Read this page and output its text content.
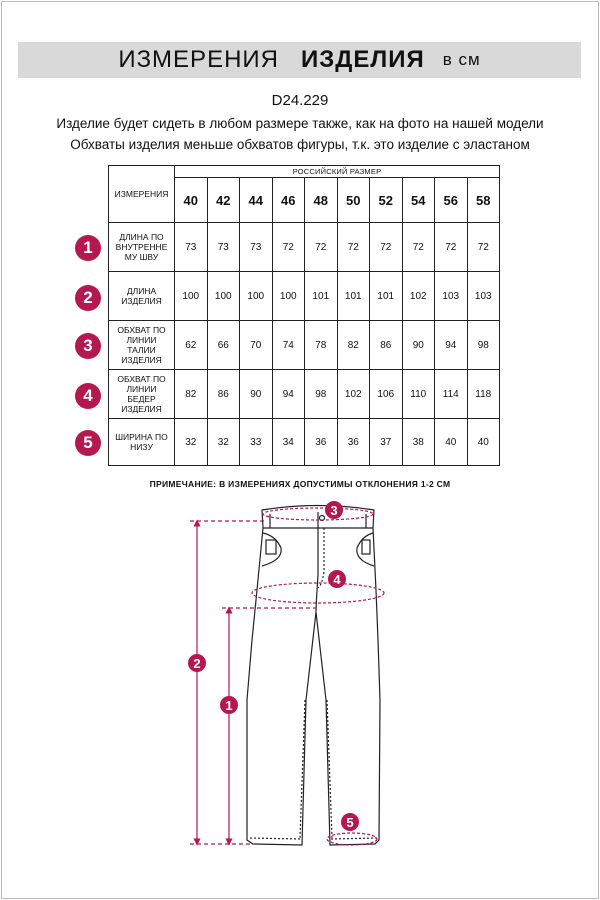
ИЗМЕРЕНИЯ ИЗДЕЛИЯ в см
D24.229
Изделие будет сидеть в любом размере также, как на фото на нашей модели
Обхваты изделия меньше обхватов фигуры, т.к. это изделие с эластаном
ИЗМЕРЕНИЯ	РОССИЙСКИЙ РАЗМЕР									
	40	42	44	46	48	50	52	54	56	58

ДЛИНА ПО
ВНУТРЕННЕ
МУ ШВУ	73	73	73	72	72	72	72	72	72	72

ДЛИНА
ИЗДЕЛИЯ	100	100	100	100	101	101	101	102	103	103

ОБХВАТ ПО
ЛИНИИ
ТАЛИИ
ИЗДЕЛИЯ	62	66	70	74	78	82	86	90	94	98

ОБХВАТ ПО
ЛИНИИ
БЕДЕР
ИЗДЕЛИЯ	82	86	90	94	98	102	106	110	114	118

ШИРИНА ПО
НИЗУ	32	32	33	34	36	36	37	38	40	40
1
2
3
4
5
ПРИМЕЧАНИЕ: В ИЗМЕРЕНИЯХ ДОПУСТИМЫ ОТКЛОНЕНИЯ 1-2 СМ
3
4
2
1
5
